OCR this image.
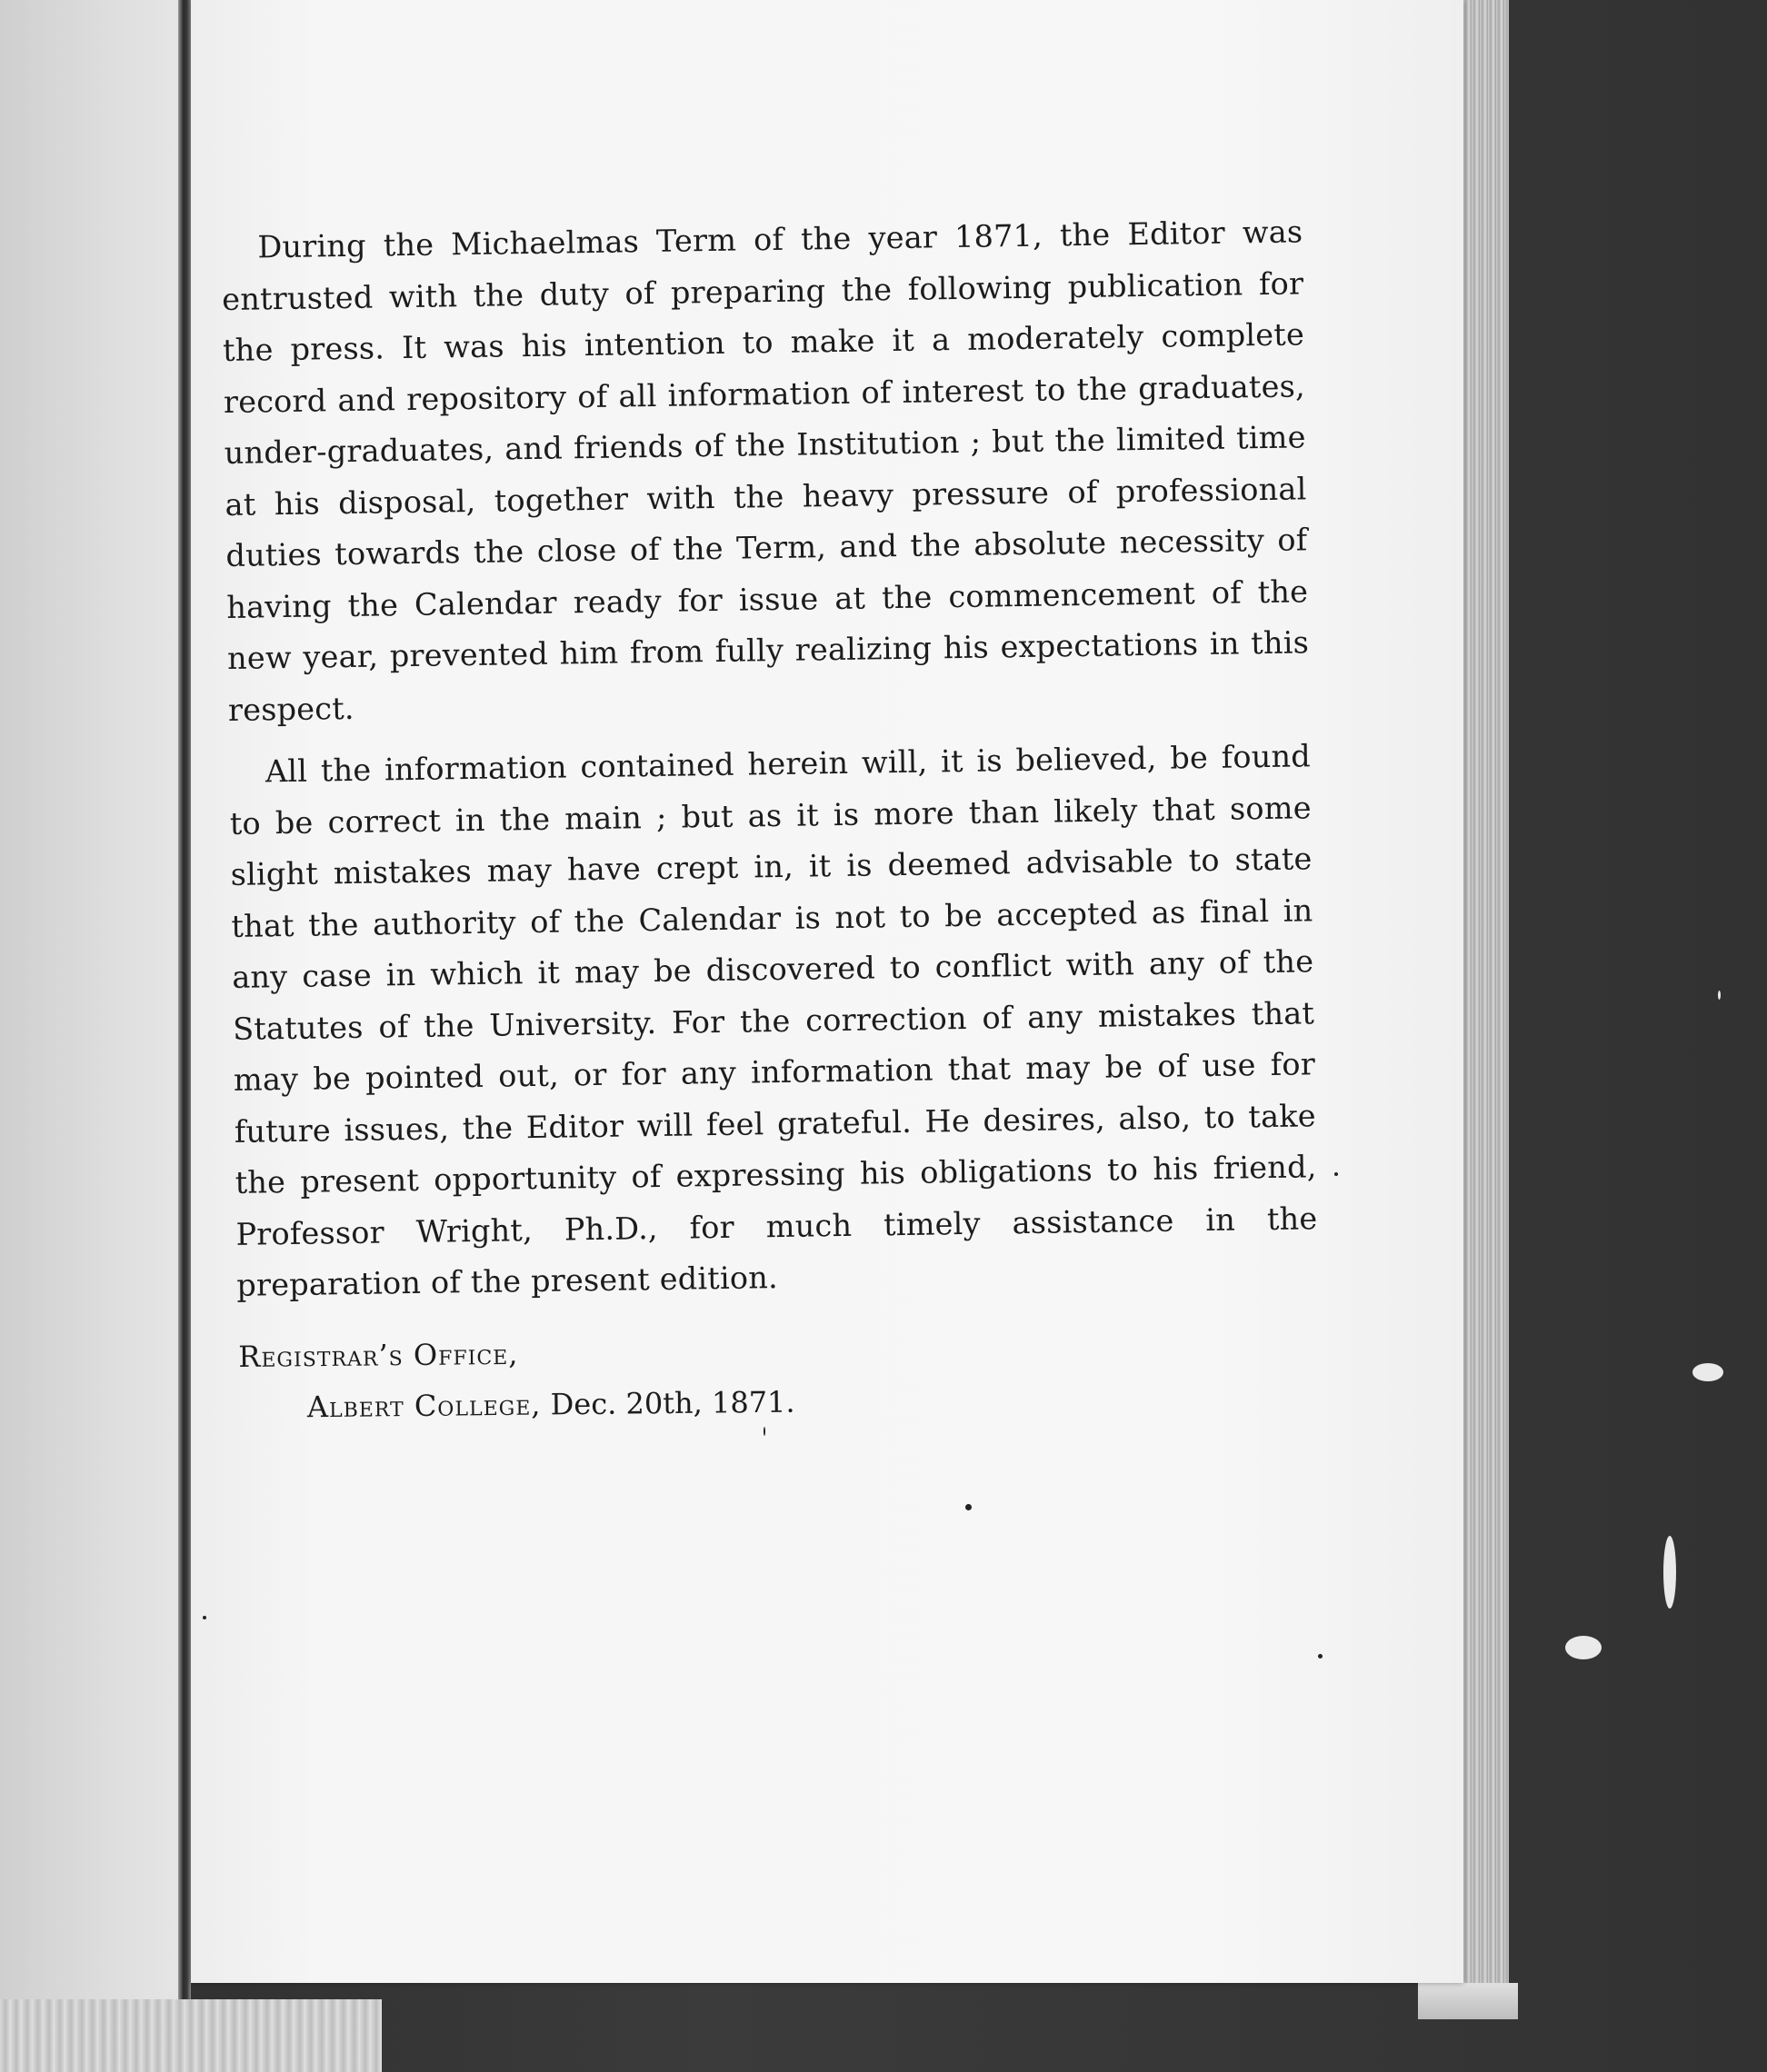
During the Michaelmas Term of the year 1871, the Editor was entrusted with the duty of preparing the following publication for the press. It was his intention to make it a moderately complete record and repository of all information of interest to the graduates, under-graduates, and friends of the Institution ; but the limited time at his disposal, together with the heavy pressure of professional duties towards the close of the Term, and the absolute necessity of having the Calendar ready for issue at the commencement of the new year, prevented him from fully realizing his expectations in this respect.

All the information contained herein will, it is believed, be found to be correct in the main ; but as it is more than likely that some slight mistakes may have crept in, it is deemed advisable to state that the authority of the Calendar is not to be accepted as final in any case in which it may be discovered to conflict with any of the Statutes of the University. For the correction of any mistakes that may be pointed out, or for any information that may be of use for future issues, the Editor will feel grateful. He desires, also, to take the present opportunity of expressing his obligations to his friend, Professor Wright, Ph.D., for much timely assistance in the preparation of the present edition.

Registrar’s Office,
Albert College, Dec. 20th, 1871.
